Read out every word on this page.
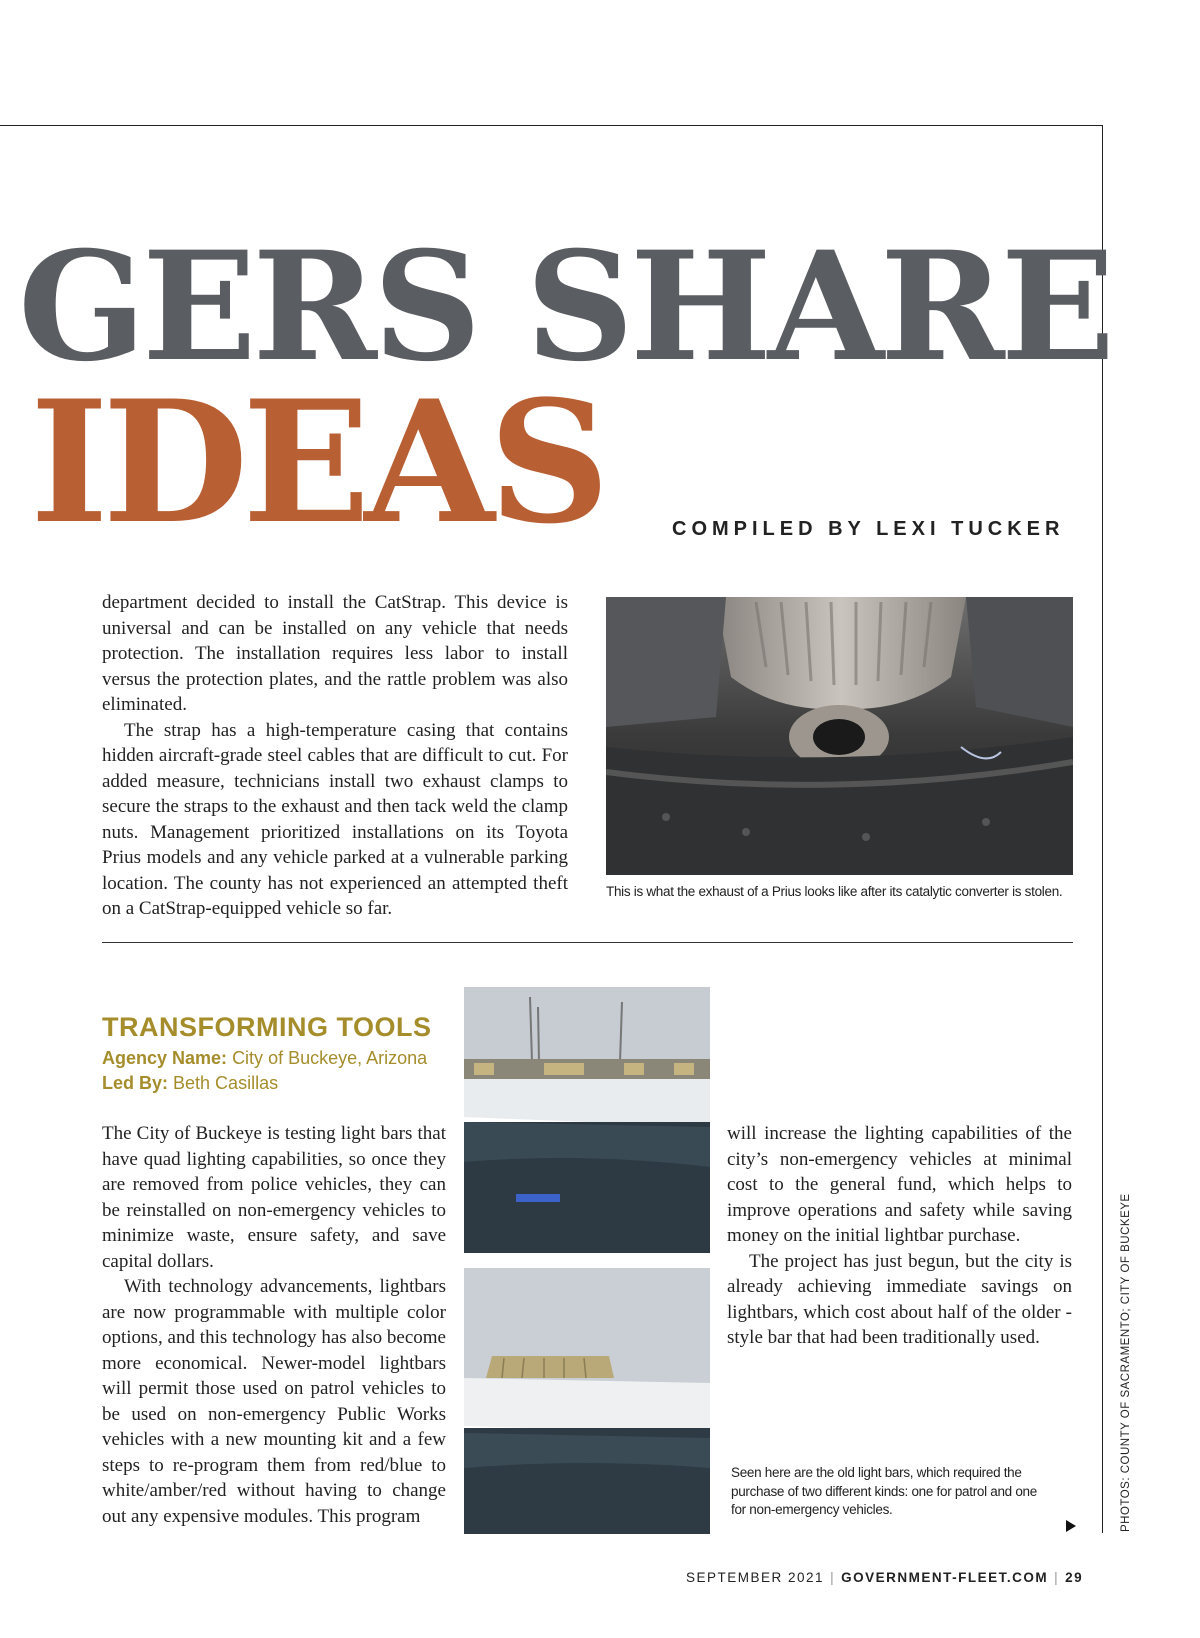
GERS SHARE
IDEAS	COMPILED BY LEXI TUCKER

department decided to install the CatStrap. This device is universal and can be installed on any vehicle that needs protection. The installation requires less labor to install versus the protection plates, and the rattle problem was also eliminated.

The strap has a high-temperature casing that contains hidden aircraft-grade steel cables that are difficult to cut. For added measure, technicians install two exhaust clamps to secure the straps to the exhaust and then tack weld the clamp nuts. Management prioritized installations on its Toyota Prius models and any vehicle parked at a vulnerable parking location. The county has not experienced an attempted theft on a CatStrap-equipped vehicle so far.

This is what the exhaust of a Prius looks like after its catalytic converter is stolen.
TRANSFORMING TOOLS
Agency Name: City of Buckeye, Arizona
Led By: Beth Casillas

The City of Buckeye is testing light bars that have quad lighting capabilities, so once they are removed from police vehicles, they can be reinstalled on non-emergency vehicles to minimize waste, ensure safety, and save capital dollars.

With technology advancements, lightbars are now programmable with multiple color options, and this technology has also become more economical. Newer-model lightbars will permit those used on patrol vehicles to be used on non-emergency Public Works vehicles with a new mounting kit and a few steps to re-program them from red/blue to white/amber/red without having to change out any expensive modules. This program

will increase the lighting capabilities of the city’s non-emergency vehicles at minimal cost to the general fund, which helps to improve operations and safety while saving money on the initial lightbar purchase.

The project has just begun, but the city is already achieving immediate savings on lightbars, which cost about half of the older -style bar that had been traditionally used.

Seen here are the old light bars, which required the purchase of two different kinds: one for patrol and one for non-emergency vehicles.	PHOTOS: COUNTY OF SACRAMENTO; CITY OF BUCKEYE
SEPTEMBER 2021 | GOVERNMENT-FLEET.COM | 29
